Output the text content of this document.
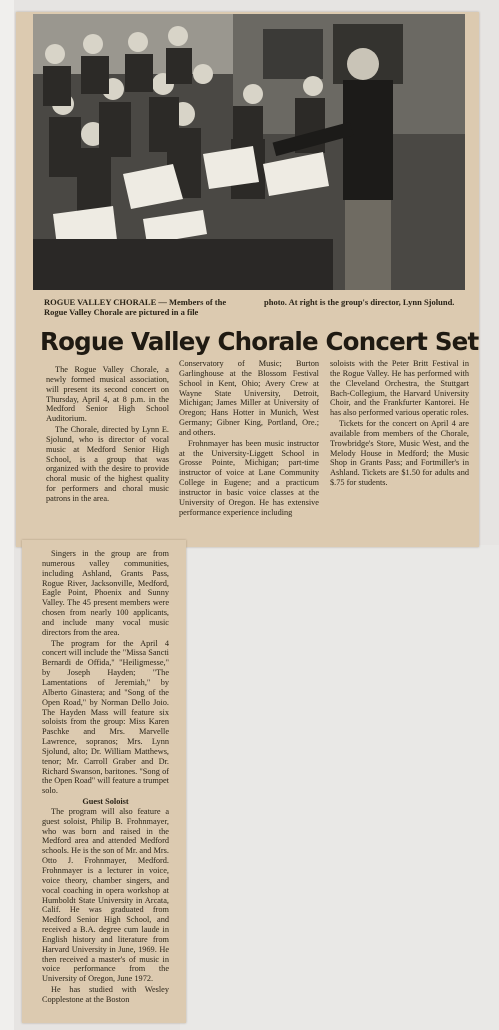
ROGUE VALLEY CHORALE — Members of the Rogue Valley Chorale are pictured in a file
photo. At right is the group's director, Lynn Sjolund.
Rogue Valley Chorale Concert Set

The Rogue Valley Chorale, a newly formed musical association, will present its second concert on Thursday, April 4, at 8 p.m. in the Medford Senior High School Auditorium.

The Chorale, directed by Lynn E. Sjolund, who is director of vocal music at Medford Senior High School, is a group that was organized with the desire to provide choral music of the highest quality for performers and choral music patrons in the area.

Singers in the group are from numerous valley communities, including Ashland, Grants Pass, Rogue River, Jacksonville, Medford, Eagle Point, Phoenix and Sunny Valley. The 45 present members were chosen from nearly 100 applicants, and include many vocal music directors from the area.

The program for the April 4 concert will include the "Missa Sancti Bernardi de Offida," "Heiligmesse," by Joseph Hayden; "The Lamentations of Jeremiah," by Alberto Ginastera; and "Song of the Open Road," by Norman Dello Joio. The Hayden Mass will feature six soloists from the group: Miss Karen Paschke and Mrs. Marvelle Lawrence, sopranos; Mrs. Lynn Sjolund, alto; Dr. William Matthews, tenor; Mr. Carroll Graber and Dr. Richard Swanson, baritones. "Song of the Open Road" will feature a trumpet solo.

Guest Soloist

The program will also feature a guest soloist, Philip B. Frohnmayer, who was born and raised in the Medford area and attended Medford schools. He is the son of Mr. and Mrs. Otto J. Frohnmayer, Medford. Frohnmayer is a lecturer in voice, voice theory, chamber singers, and vocal coaching in opera workshop at Humboldt State University in Arcata, Calif. He was graduated from Medford Senior High School, and received a B.A. degree cum laude in English history and literature from Harvard University in June, 1969. He then received a master's of music in voice performance from the University of Oregon, June 1972.

He has studied with Wesley Copplestone at the Boston

Conservatory of Music; Burton Garlinghouse at the Blossom Festival School in Kent, Ohio; Avery Crew at Wayne State University, Detroit, Michigan; James Miller at University of Oregon; Hans Hotter in Munich, West Germany; Gibner King, Portland, Ore.; and others.

Frohnmayer has been music instructor at the University-Liggett School in Grosse Pointe, Michigan; part-time instructor of voice at Lane Community College in Eugene; and a practicum instructor in basic voice classes at the University of Oregon. He has extensive performance experience including

soloists with the Peter Britt Festival in the Rogue Valley. He has performed with the Cleveland Orchestra, the Stuttgart Bach-Collegium, the Harvard University Choir, and the Frankfurter Kantorei. He has also performed various operatic roles.

Tickets for the concert on April 4 are available from members of the Chorale, Trowbridge's Store, Music West, and the Melody House in Medford; the Music Shop in Grants Pass; and Fortmiller's in Ashland. Tickets are $1.50 for adults and $.75 for students.
